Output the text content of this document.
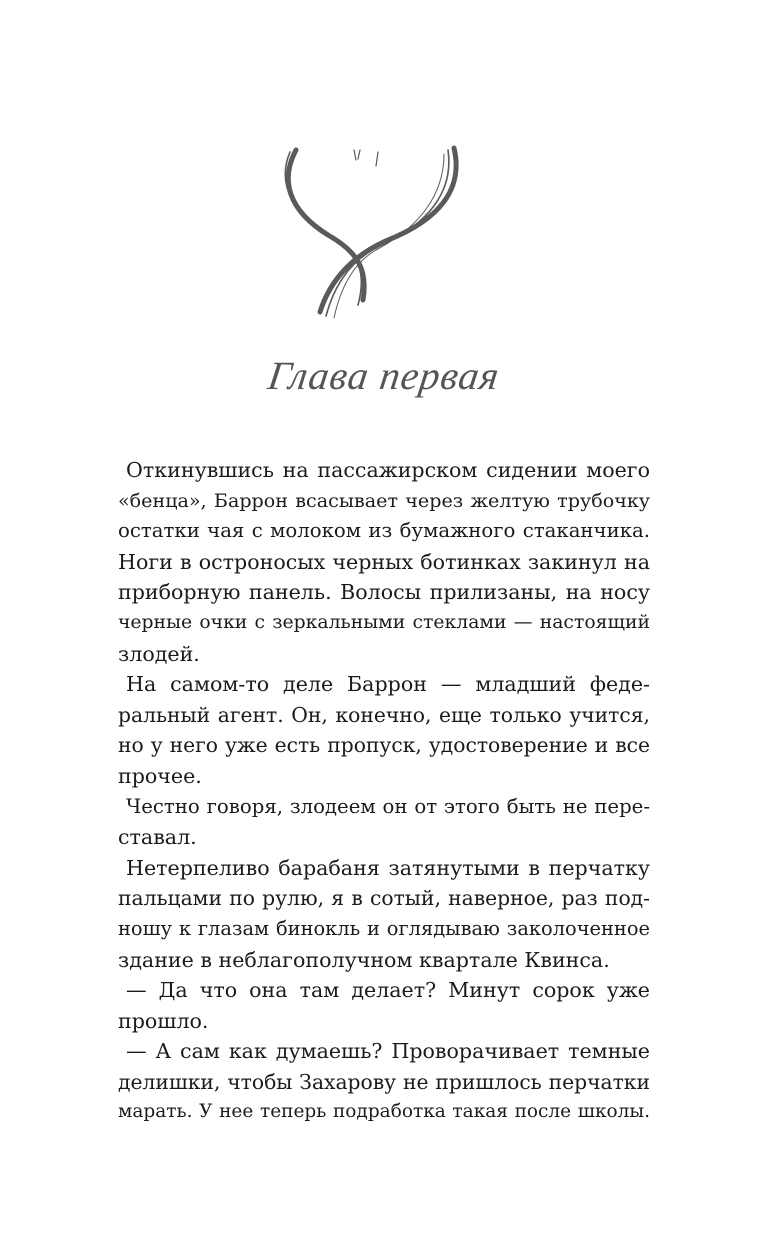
Глава первая

Откинувшись на пассажирском сидении моего
«бенца», Баррон всасывает через желтую трубочку
остатки чая с молоком из бумажного стаканчика.
Ноги в остроносых черных ботинках закинул на
приборную панель. Волосы прилизаны, на носу
черные очки с зеркальными стеклами — настоящий
злодей.

На самом-то деле Баррон — младший феде-
ральный агент. Он, конечно, еще только учится,
но у него уже есть пропуск, удостоверение и все
прочее.

Честно говоря, злодеем он от этого быть не пере-
ставал.

Нетерпеливо барабаня затянутыми в перчатку
пальцами по рулю, я в сотый, наверное, раз под-
ношу к глазам бинокль и оглядываю заколоченное
здание в неблагополучном квартале Квинса.

— Да что она там делает? Минут сорок уже
прошло.

— А сам как думаешь? Проворачивает темные
делишки, чтобы Захарову не пришлось перчатки
марать. У нее теперь подработка такая после школы.
